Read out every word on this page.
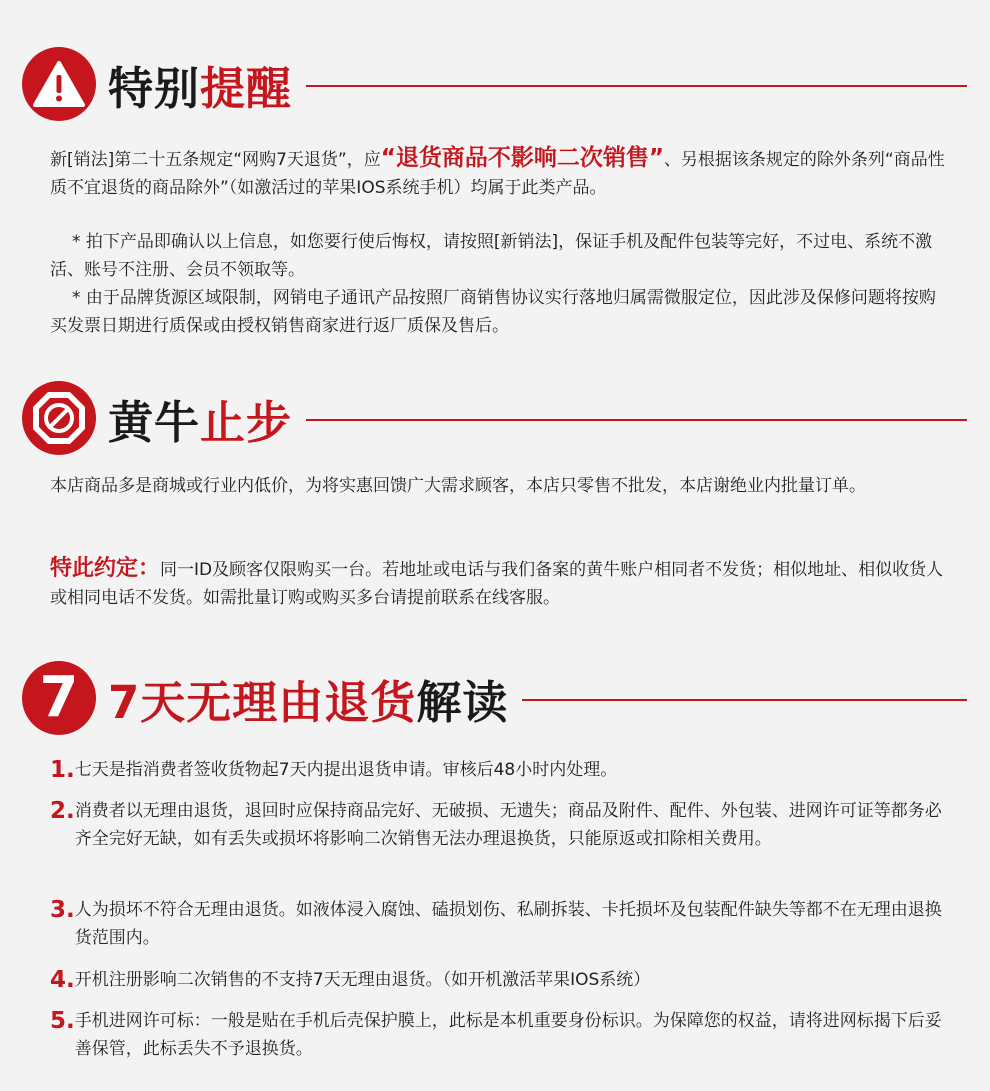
特别提醒
新[销法]第二十五条规定“网购7天退货”，应“退货商品不影响二次销售”、另根据该条规定的除外条列“商品性质不宜退货的商品除外”（如激活过的苹果IOS系统手机）均属于此类产品。
* 拍下产品即确认以上信息，如您要行使后悔权，请按照[新销法]，保证手机及配件包装等完好，不过电、系统不激活、账号不注册、会员不领取等。
* 由于品牌货源区域限制，网销电子通讯产品按照厂商销售协议实行落地归属需微服定位，因此涉及保修问题将按购买发票日期进行质保或由授权销售商家进行返厂质保及售后。
黄牛止步
本店商品多是商城或行业内低价，为将实惠回馈广大需求顾客，本店只零售不批发，本店谢绝业内批量订单。
特此约定：同一ID及顾客仅限购买一台。若地址或电话与我们备案的黄牛账户相同者不发货；相似地址、相似收货人或相同电话不发货。如需批量订购或购买多台请提前联系在线客服。
7 7天无理由退货解读
1. 七天是指消费者签收货物起7天内提出退货申请。审核后48小时内处理。
2. 消费者以无理由退货，退回时应保持商品完好、无破损、无遗失；商品及附件、配件、外包装、进网许可证等都务必齐全完好无缺，如有丢失或损坏将影响二次销售无法办理退换货，只能原返或扣除相关费用。
3. 人为损坏不符合无理由退货。如液体浸入腐蚀、磕损划伤、私刷拆装、卡托损坏及包装配件缺失等都不在无理由退换货范围内。
4. 开机注册影响二次销售的不支持7天无理由退货。（如开机激活苹果IOS系统）
5. 手机进网许可标：一般是贴在手机后壳保护膜上，此标是本机重要身份标识。为保障您的权益，请将进网标揭下后妥善保管，此标丢失不予退换货。
